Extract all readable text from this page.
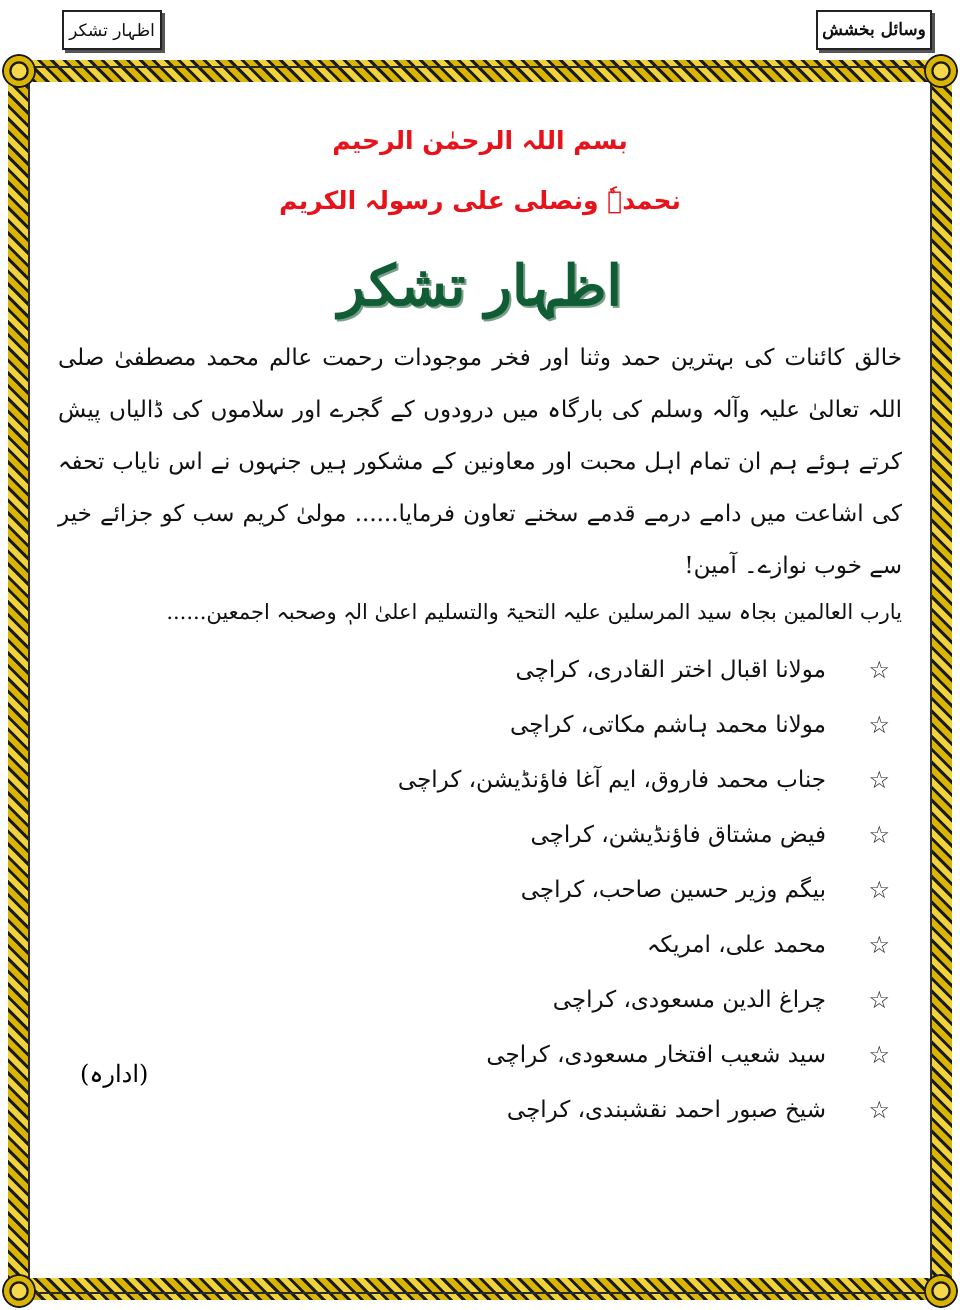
اظہار تشکر	وسائل بخشش
بسم اللہ الرحمٰن الرحیم
نحمدہٗ ونصلی علی رسولہ الکریم
اظہار تشکر
خالق کائنات کی بہترین حمد وثنا اور فخر موجودات رحمت عالم محمد مصطفیٰ صلی اللہ تعالیٰ علیہ وآلہ وسلم کی بارگاہ میں درودوں کے گجرے اور سلاموں کی ڈالیاں پیش کرتے ہوئے ہم ان تمام اہل محبت اور معاونین کے مشکور ہیں جنہوں نے اس نایاب تحفہ کی اشاعت میں دامے درمے قدمے سخنے تعاون فرمایا...... مولیٰ کریم سب کو جزائے خیر سے خوب نوازے۔ آمین!
یارب العالمین بجاہ سید المرسلین علیہ التحیۃ والتسلیم اعلیٰ الہٖ وصحبہ اجمعین......
☆
مولانا اقبال اختر القادری، کراچی
☆
مولانا محمد ہاشم مکاتی، کراچی
☆
جناب محمد فاروق، ایم آغا فاؤنڈیشن، کراچی
☆
فیض مشتاق فاؤنڈیشن، کراچی
☆
بیگم وزیر حسین صاحب، کراچی
☆
محمد علی، امریکہ
☆
چراغ الدین مسعودی، کراچی
☆
سید شعیب افتخار مسعودی، کراچی
☆
شیخ صبور احمد نقشبندی، کراچی
(ادارہ)
